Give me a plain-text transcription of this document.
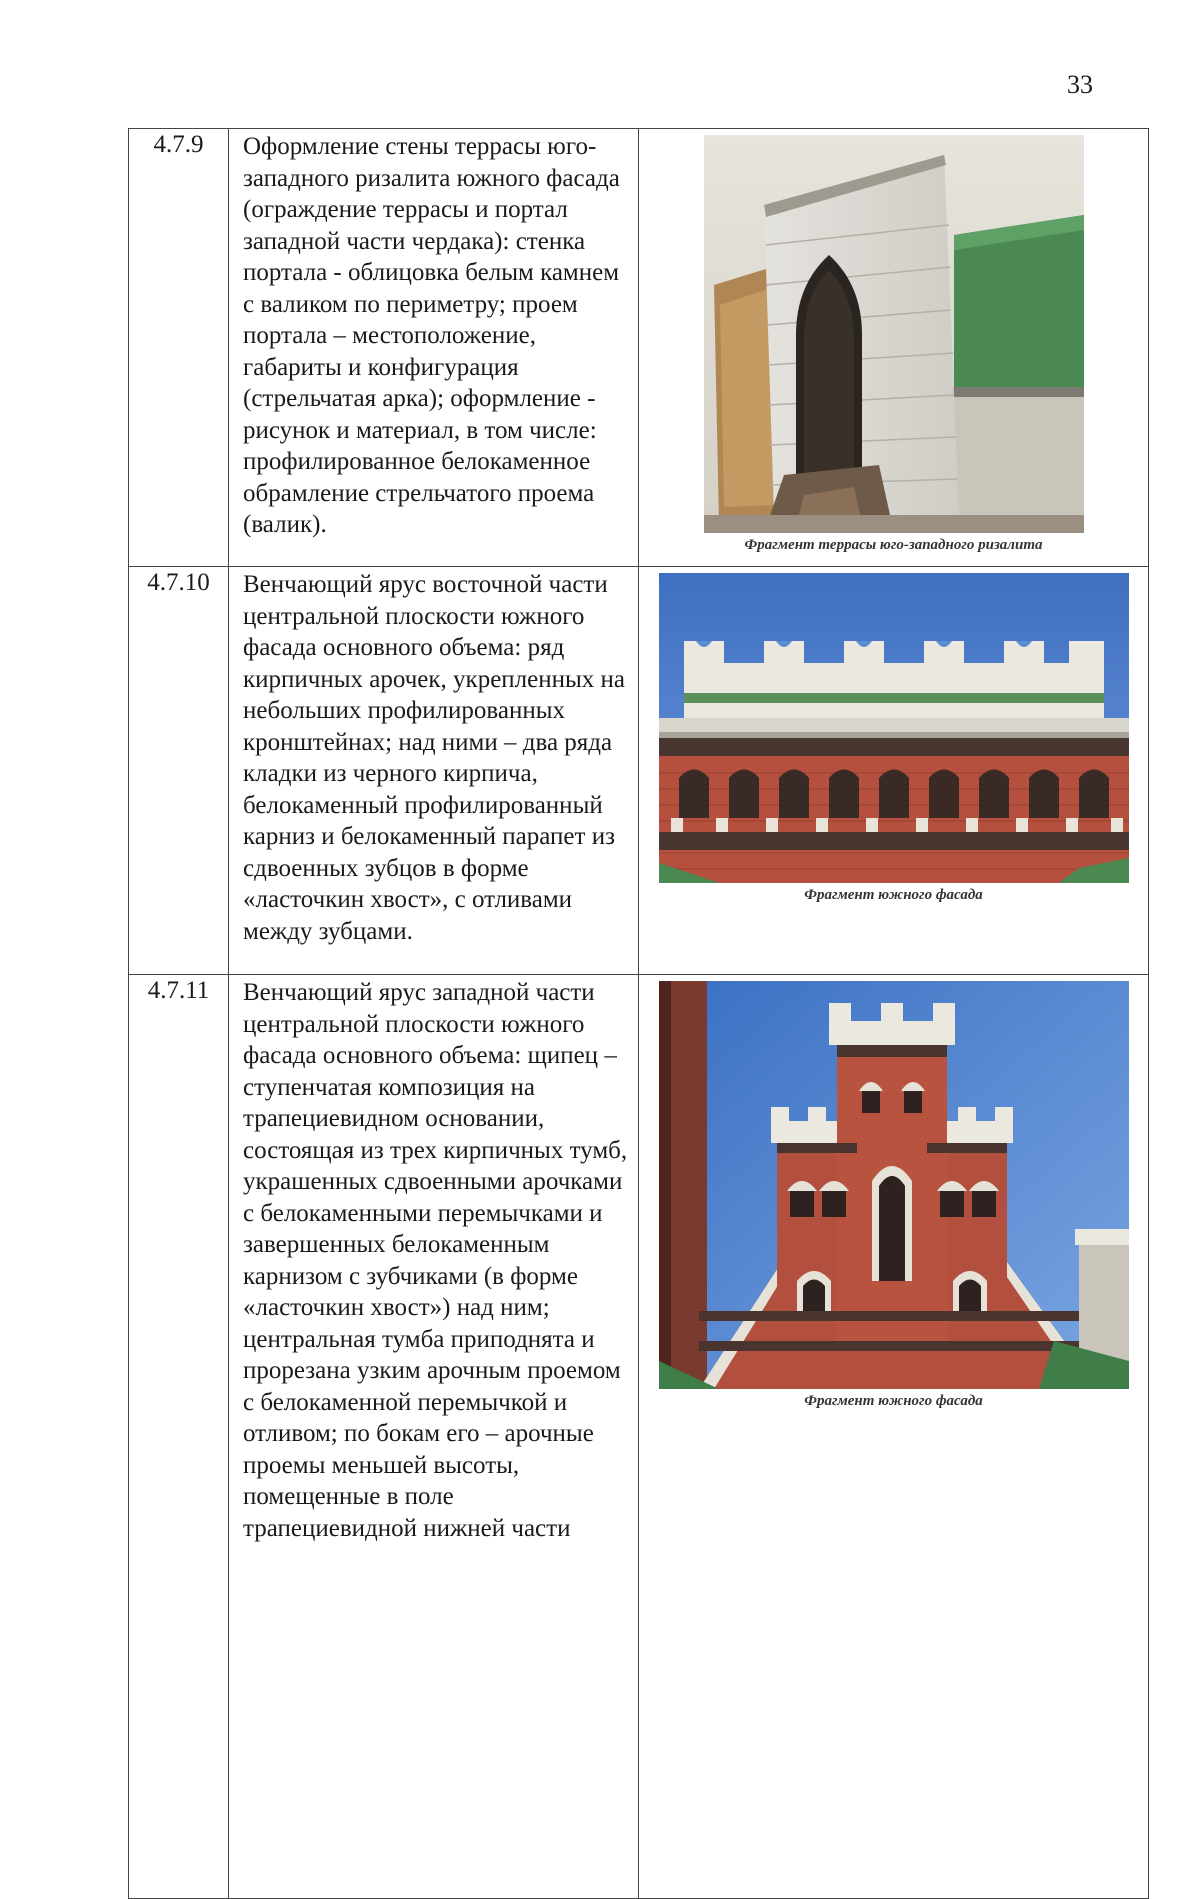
33
4.7.9	Оформление стены террасы юго-западного ризалита южного фасада (ограждение террасы и портал западной части чердака): стенка портала - облицовка белым камнем с валиком по периметру; проем портала – местоположение, габариты и конфигурация (стрельчатая арка); оформление - рисунок и материал, в том числе: профилированное белокаменное обрамление стрельчатого проема (валик).	Фрагмент террасы юго-западного ризалита

4.7.10	Венчающий ярус восточной части центральной плоскости южного фасада основного объема: ряд кирпичных арочек, укрепленных на небольших профилированных кронштейнах; над ними – два ряда кладки из черного кирпича, белокаменный профилированный карниз и белокаменный парапет из сдвоенных зубцов в форме «ласточкин хвост», с отливами между зубцами.	Фрагмент южного фасада

4.7.11	Венчающий ярус западной части центральной плоскости южного фасада основного объема: щипец – ступенчатая композиция на трапециевидном основании, состоящая из трех кирпичных тумб, украшенных сдвоенными арочками с белокаменными перемычками и завершенных белокаменным карнизом с зубчиками (в форме «ласточкин хвост») над ним; центральная тумба приподнята и прорезана узким арочным проемом с белокаменной перемычкой и отливом; по бокам его – арочные проемы меньшей высоты, помещенные в поле трапециевидной нижней части	Фрагмент южного фасада
